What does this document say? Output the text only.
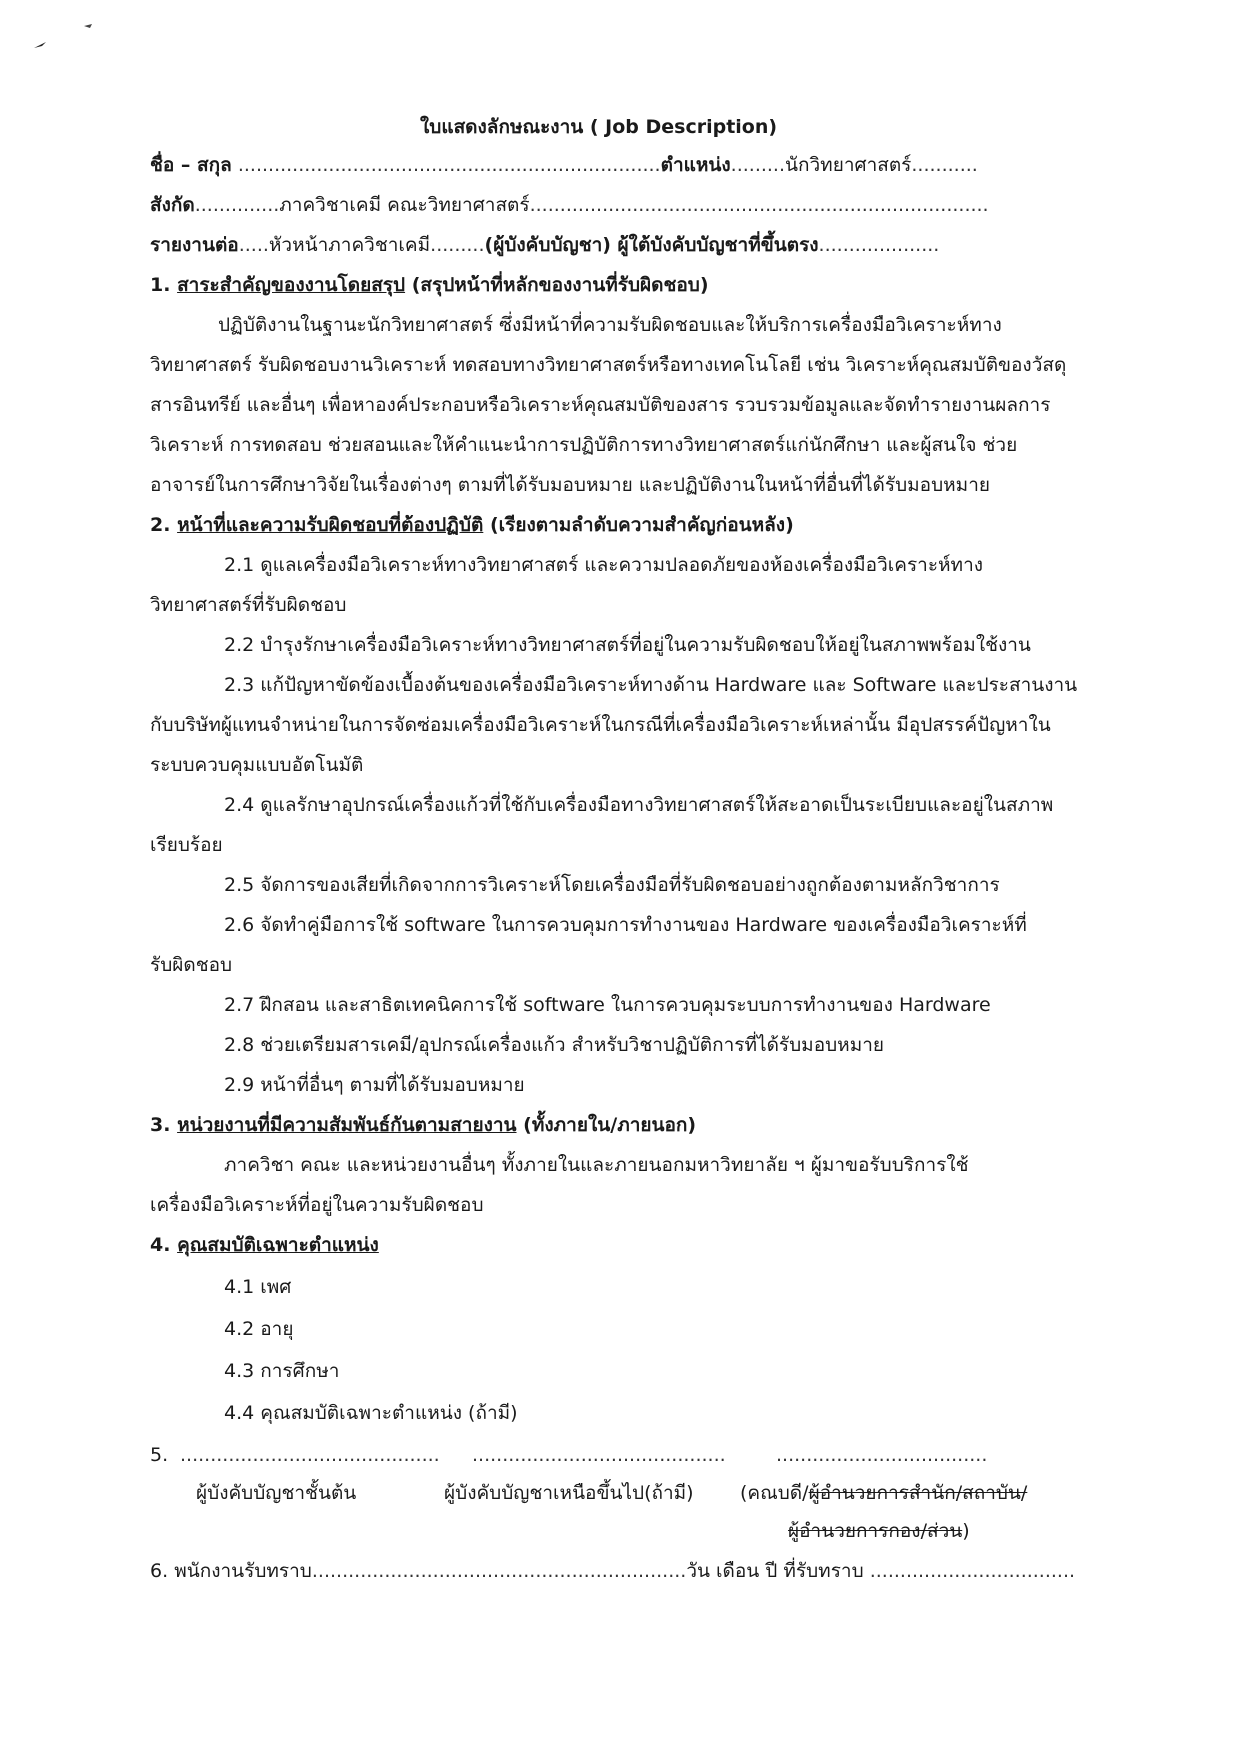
ใบแสดงลักษณะงาน ( Job Description)
ชื่อ – สกุล ......................................................................ตำแหน่ง.........นักวิทยาศาสตร์...........
สังกัด..............ภาควิชาเคมี คณะวิทยาศาสตร์............................................................................
รายงานต่อ.....หัวหน้าภาควิชาเคมี.........(ผู้บังคับบัญชา) ผู้ใต้บังคับบัญชาที่ขึ้นตรง....................
1. สาระสำคัญของงานโดยสรุป (สรุปหน้าที่หลักของงานที่รับผิดชอบ)
ปฏิบัติงานในฐานะนักวิทยาศาสตร์ ซึ่งมีหน้าที่ความรับผิดชอบและให้บริการเครื่องมือวิเคราะห์ทาง
วิทยาศาสตร์ รับผิดชอบงานวิเคราะห์ ทดสอบทางวิทยาศาสตร์หรือทางเทคโนโลยี เช่น วิเคราะห์คุณสมบัติของวัสดุ
สารอินทรีย์ และอื่นๆ เพื่อหาองค์ประกอบหรือวิเคราะห์คุณสมบัติของสาร รวบรวมข้อมูลและจัดทำรายงานผลการ
วิเคราะห์ การทดสอบ ช่วยสอนและให้คำแนะนำการปฏิบัติการทางวิทยาศาสตร์แก่นักศึกษา และผู้สนใจ ช่วย
อาจารย์ในการศึกษาวิจัยในเรื่องต่างๆ ตามที่ได้รับมอบหมาย และปฏิบัติงานในหน้าที่อื่นที่ได้รับมอบหมาย
2. หน้าที่และความรับผิดชอบที่ต้องปฏิบัติ (เรียงตามลำดับความสำคัญก่อนหลัง)
2.1 ดูแลเครื่องมือวิเคราะห์ทางวิทยาศาสตร์ และความปลอดภัยของห้องเครื่องมือวิเคราะห์ทาง
วิทยาศาสตร์ที่รับผิดชอบ
2.2 บำรุงรักษาเครื่องมือวิเคราะห์ทางวิทยาศาสตร์ที่อยู่ในความรับผิดชอบให้อยู่ในสภาพพร้อมใช้งาน
2.3 แก้ปัญหาขัดข้องเบื้องต้นของเครื่องมือวิเคราะห์ทางด้าน Hardware และ Software และประสานงาน
กับบริษัทผู้แทนจำหน่ายในการจัดซ่อมเครื่องมือวิเคราะห์ในกรณีที่เครื่องมือวิเคราะห์เหล่านั้น มีอุปสรรค์ปัญหาใน
ระบบควบคุมแบบอัตโนมัติ
2.4 ดูแลรักษาอุปกรณ์เครื่องแก้วที่ใช้กับเครื่องมือทางวิทยาศาสตร์ให้สะอาดเป็นระเบียบและอยู่ในสภาพ
เรียบร้อย
2.5 จัดการของเสียที่เกิดจากการวิเคราะห์โดยเครื่องมือที่รับผิดชอบอย่างถูกต้องตามหลักวิชาการ
2.6 จัดทำคู่มือการใช้ software ในการควบคุมการทำงานของ Hardware ของเครื่องมือวิเคราะห์ที่
รับผิดชอบ
2.7 ฝึกสอน และสาธิตเทคนิคการใช้ software ในการควบคุมระบบการทำงานของ Hardware
2.8 ช่วยเตรียมสารเคมี/อุปกรณ์เครื่องแก้ว สำหรับวิชาปฏิบัติการที่ได้รับมอบหมาย
2.9 หน้าที่อื่นๆ ตามที่ได้รับมอบหมาย
3. หน่วยงานที่มีความสัมพันธ์กันตามสายงาน (ทั้งภายใน/ภายนอก)
ภาควิชา คณะ และหน่วยงานอื่นๆ ทั้งภายในและภายนอกมหาวิทยาลัย ฯ ผู้มาขอรับบริการใช้
เครื่องมือวิเคราะห์ที่อยู่ในความรับผิดชอบ
4. คุณสมบัติเฉพาะตำแหน่ง
4.1 เพศ
4.2 อายุ
4.3 การศึกษา
4.4 คุณสมบัติเฉพาะตำแหน่ง (ถ้ามี)
5. ........................................... ..........................................	...................................
ผู้บังคับบัญชาชั้นต้น	ผู้บังคับบัญชาเหนือขึ้นไป(ถ้ามี) (คณบดี/ผู้อำนวยการสำนัก/สถาบัน/
ผู้อำนวยการกอง/ส่วน)
6. พนักงานรับทราบ..............................................................วัน เดือน ปี ที่รับทราบ ..................................
